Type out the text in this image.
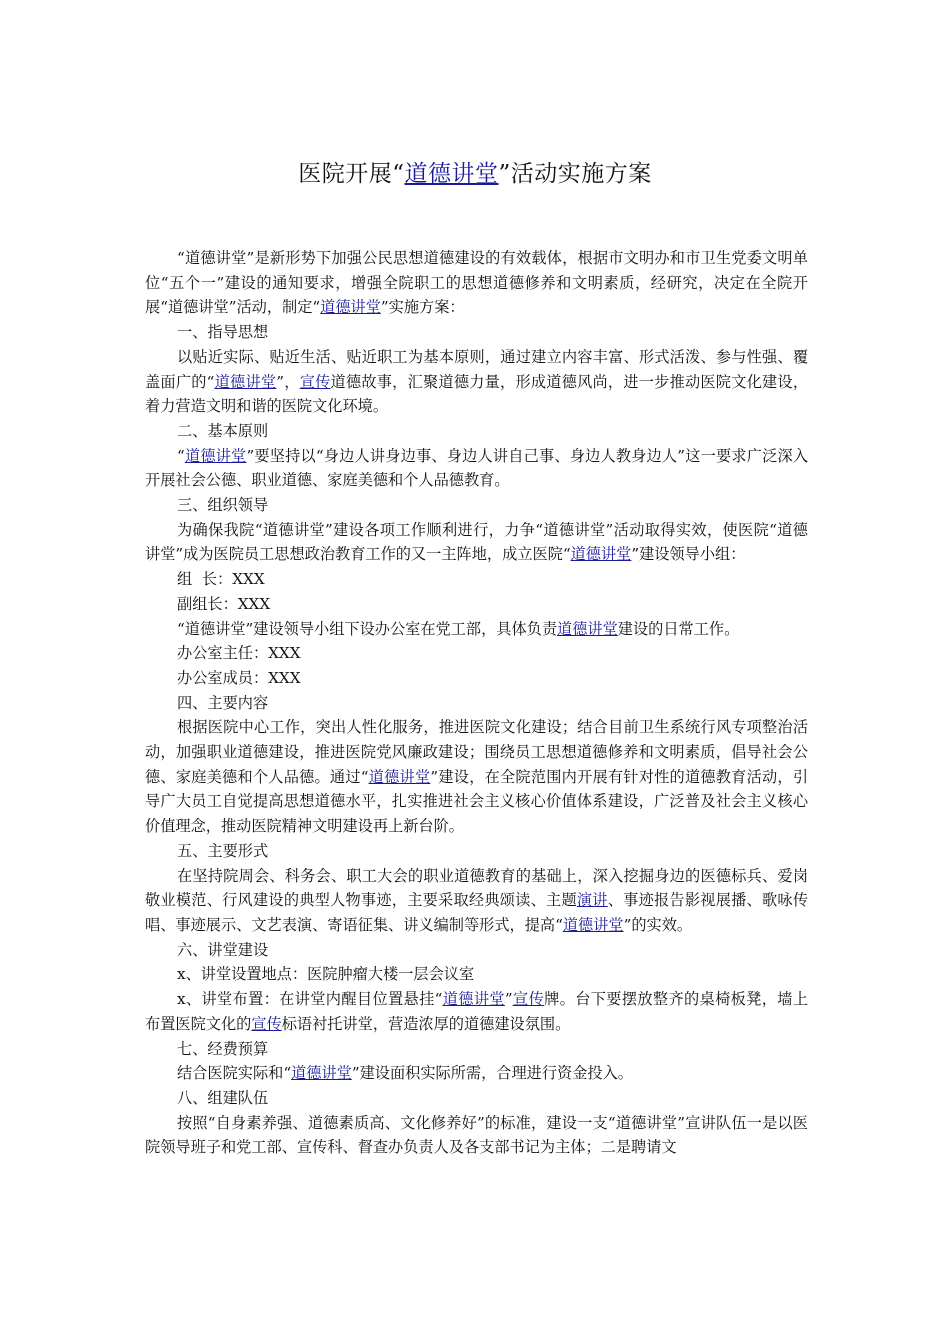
医院开展“道德讲堂”活动实施方案

“道德讲堂”是新形势下加强公民思想道德建设的有效载体，根据市文明办和市卫生党委文明单位“五个一”建设的通知要求，增强全院职工的思想道德修养和文明素质，经研究，决定在全院开展“道德讲堂”活动，制定“道德讲堂”实施方案：

一、指导思想

以贴近实际、贴近生活、贴近职工为基本原则，通过建立内容丰富、形式活泼、参与性强、覆盖面广的“道德讲堂”，宣传道德故事，汇聚道德力量，形成道德风尚，进一步推动医院文化建设，着力营造文明和谐的医院文化环境。

二、基本原则

“道德讲堂”要坚持以“身边人讲身边事、身边人讲自己事、身边人教身边人”这一要求广泛深入开展社会公德、职业道德、家庭美德和个人品德教育。

三、组织领导

为确保我院“道德讲堂”建设各项工作顺利进行，力争“道德讲堂”活动取得实效，使医院“道德讲堂”成为医院员工思想政治教育工作的又一主阵地，成立医院“道德讲堂”建设领导小组：

组  长：XXX

副组长：XXX

“道德讲堂”建设领导小组下设办公室在党工部，具体负责道德讲堂建设的日常工作。

办公室主任：XXX

办公室成员：XXX

四、主要内容

根据医院中心工作，突出人性化服务，推进医院文化建设；结合目前卫生系统行风专项整治活动，加强职业道德建设，推进医院党风廉政建设；围绕员工思想道德修养和文明素质，倡导社会公德、家庭美德和个人品德。通过“道德讲堂”建设，在全院范围内开展有针对性的道德教育活动，引导广大员工自觉提高思想道德水平，扎实推进社会主义核心价值体系建设，广泛普及社会主义核心价值理念，推动医院精神文明建设再上新台阶。

五、主要形式

在坚持院周会、科务会、职工大会的职业道德教育的基础上，深入挖掘身边的医德标兵、爱岗敬业模范、行风建设的典型人物事迹，主要采取经典颂读、主题演讲、事迹报告影视展播、歌咏传唱、事迹展示、文艺表演、寄语征集、讲义编制等形式，提高“道德讲堂”的实效。

六、讲堂建设

x、讲堂设置地点：医院肿瘤大楼一层会议室

x、讲堂布置：在讲堂内醒目位置悬挂“道德讲堂”宣传牌。台下要摆放整齐的桌椅板凳，墙上布置医院文化的宣传标语衬托讲堂，营造浓厚的道德建设氛围。

七、经费预算

结合医院实际和“道德讲堂”建设面积实际所需，合理进行资金投入。

八、组建队伍

按照“自身素养强、道德素质高、文化修养好”的标准，建设一支“道德讲堂”宣讲队伍一是以医院领导班子和党工部、宣传科、督查办负责人及各支部书记为主体；二是聘请文
